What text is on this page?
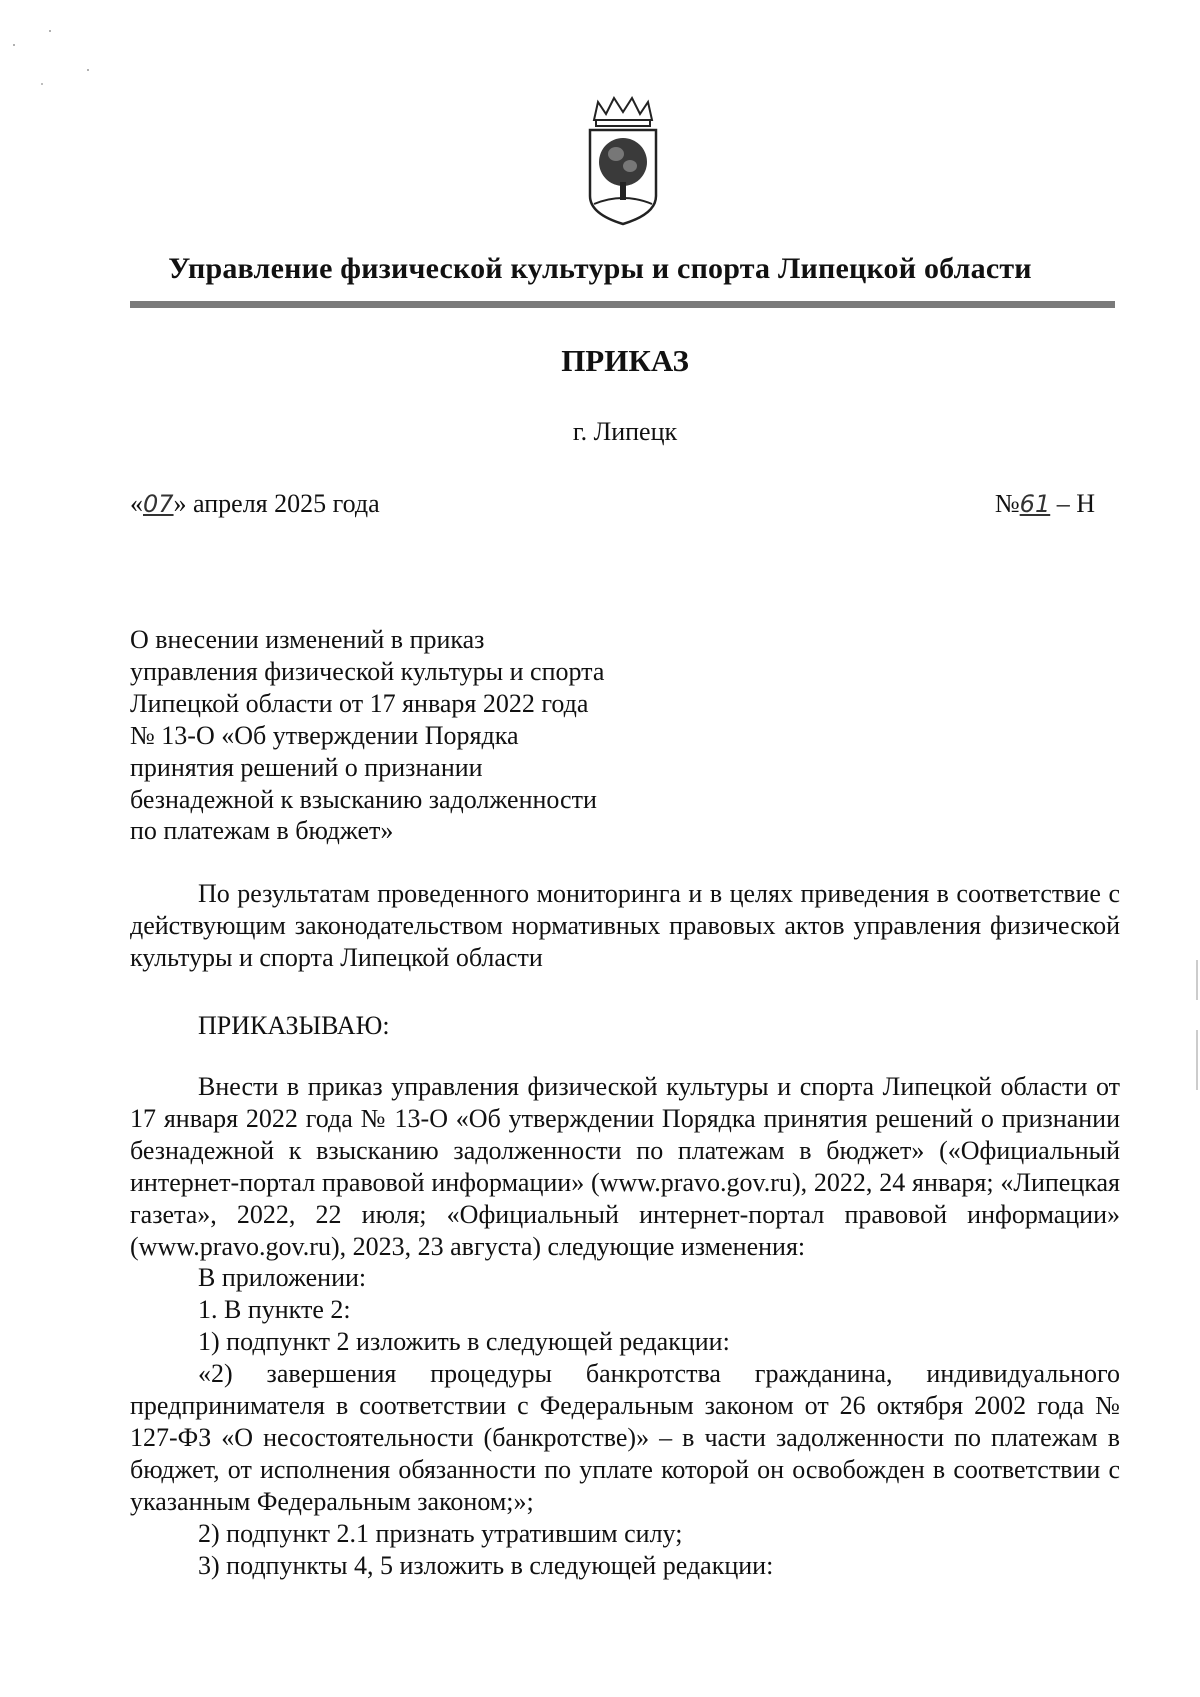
Управление физической культуры и спорта Липецкой области
ПРИКАЗ
г. Липецк
«07» апреля 2025 года	№61 – Н
О внесении изменений в приказ
управления физической культуры и спорта
Липецкой области от 17 января 2022 года
№ 13-О «Об утверждении Порядка
принятия решений о признании
безнадежной к взысканию задолженности
по платежам в бюджет»

По результатам проведенного мониторинга и в целях приведения в соответствие с действующим законодательством нормативных правовых актов управления физической культуры и спорта Липецкой области

ПРИКАЗЫВАЮ:

Внести в приказ управления физической культуры и спорта Липецкой области от 17 января 2022 года № 13-О «Об утверждении Порядка принятия решений о признании безнадежной к взысканию задолженности по платежам в бюджет» («Официальный интернет-портал правовой информации» (www.pravo.gov.ru), 2022, 24 января; «Липецкая газета», 2022, 22 июля; «Официальный интернет-портал правовой информации» (www.pravo.gov.ru), 2023, 23 августа) следующие изменения:

В приложении:

1. В пункте 2:

1) подпункт 2 изложить в следующей редакции:

«2) завершения процедуры банкротства гражданина, индивидуального предпринимателя в соответствии с Федеральным законом от 26 октября 2002 года № 127-ФЗ «О несостоятельности (банкротстве)» – в части задолженности по платежам в бюджет, от исполнения обязанности по уплате которой он освобожден в соответствии с указанным Федеральным законом;»;

2) подпункт 2.1 признать утратившим силу;

3) подпункты 4, 5 изложить в следующей редакции:
